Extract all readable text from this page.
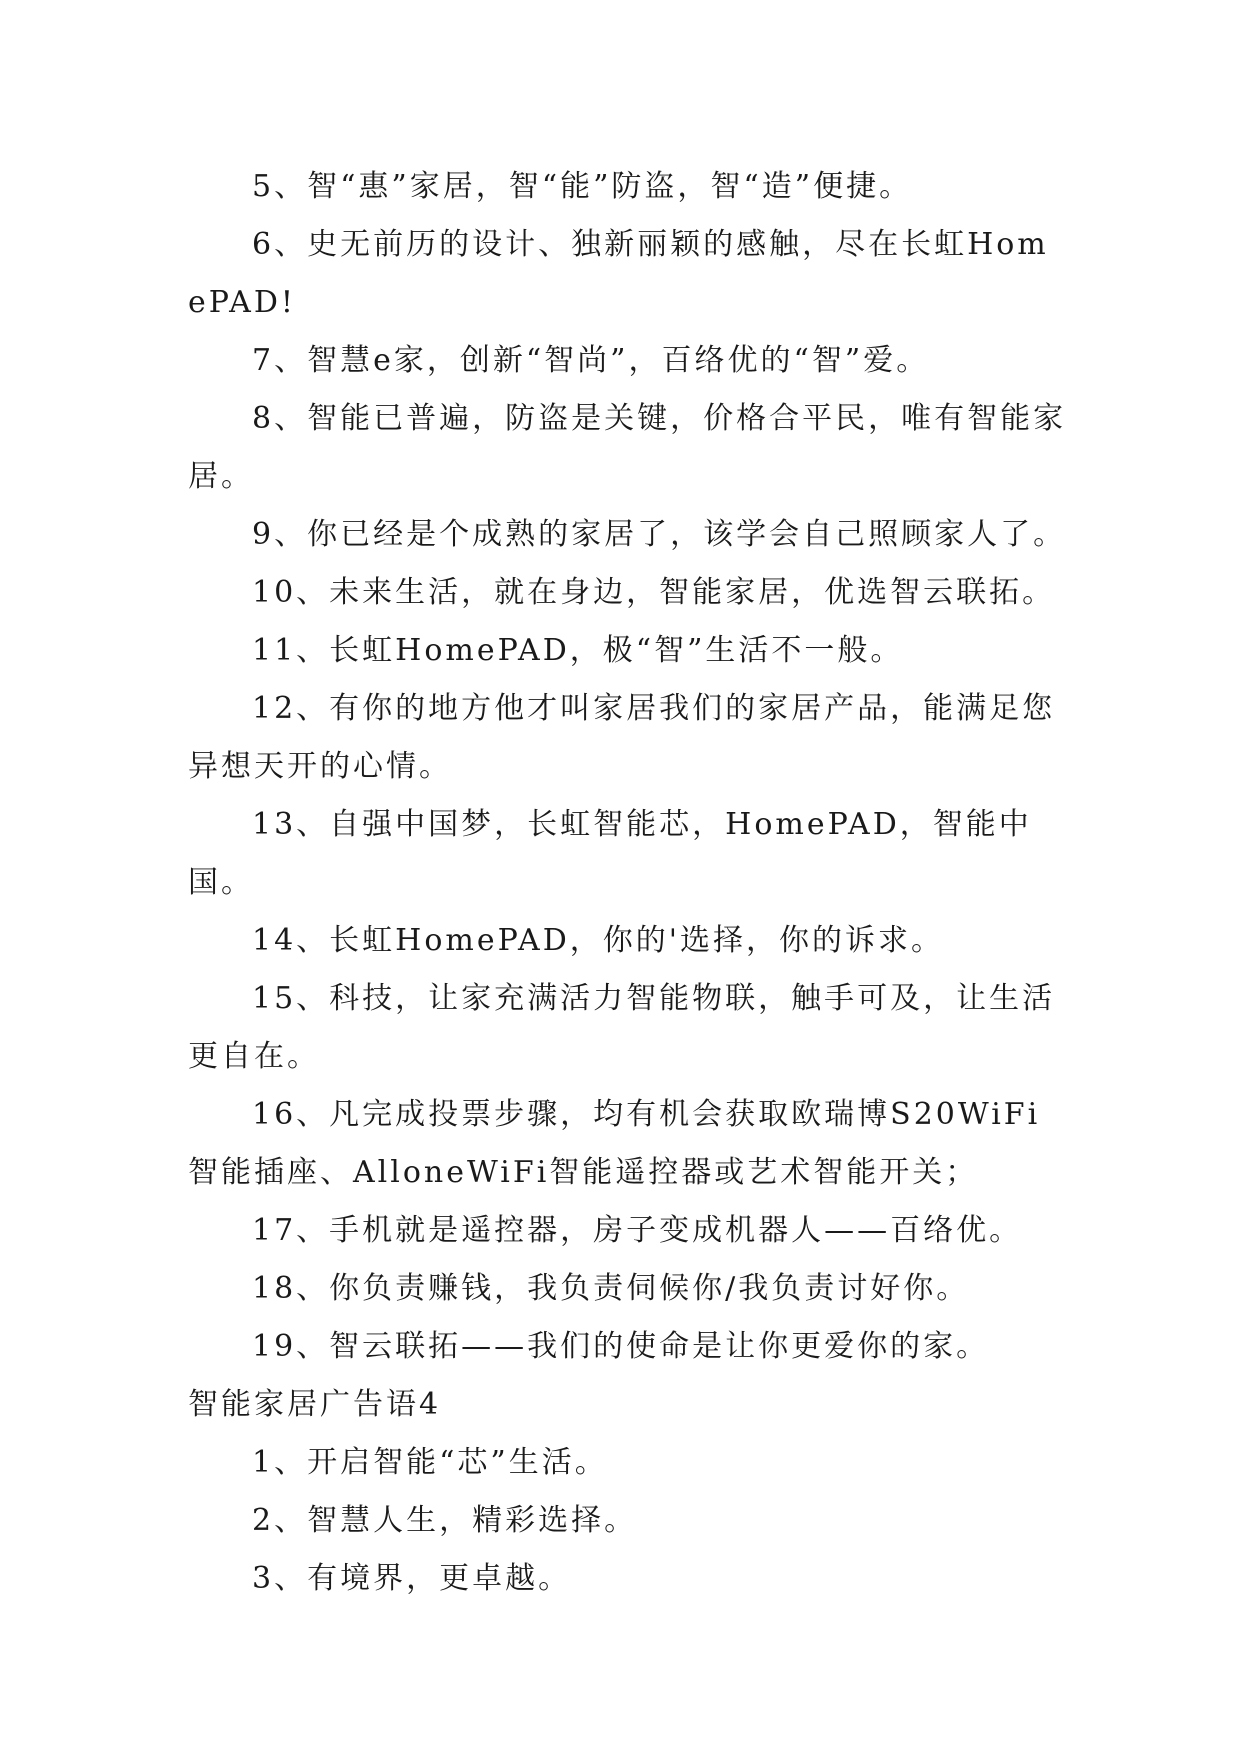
5、智“惠”家居，智“能”防盗，智“造”便捷。

6、史无前历的设计、独新丽颖的感触，尽在长虹HomePAD!

7、智慧e家，创新“智尚”，百络优的“智”爱。

8、智能已普遍，防盗是关键，价格合平民，唯有智能家居。

9、你已经是个成熟的家居了，该学会自己照顾家人了。

10、未来生活，就在身边，智能家居，优选智云联拓。

11、长虹HomePAD，极“智”生活不一般。

12、有你的地方他才叫家居我们的家居产品，能满足您异想天开的心情。

13、自强中国梦，长虹智能芯，HomePAD，智能中国。

14、长虹HomePAD，你的'选择，你的诉求。

15、科技，让家充满活力智能物联，触手可及，让生活更自在。

16、凡完成投票步骤，均有机会获取欧瑞博S20WiFi智能插座、AlloneWiFi智能遥控器或艺术智能开关；

17、手机就是遥控器，房子变成机器人——百络优。

18、你负责赚钱，我负责伺候你/我负责讨好你。

19、智云联拓——我们的使命是让你更爱你的家。

智能家居广告语4

1、开启智能“芯”生活。

2、智慧人生，精彩选择。

3、有境界，更卓越。
